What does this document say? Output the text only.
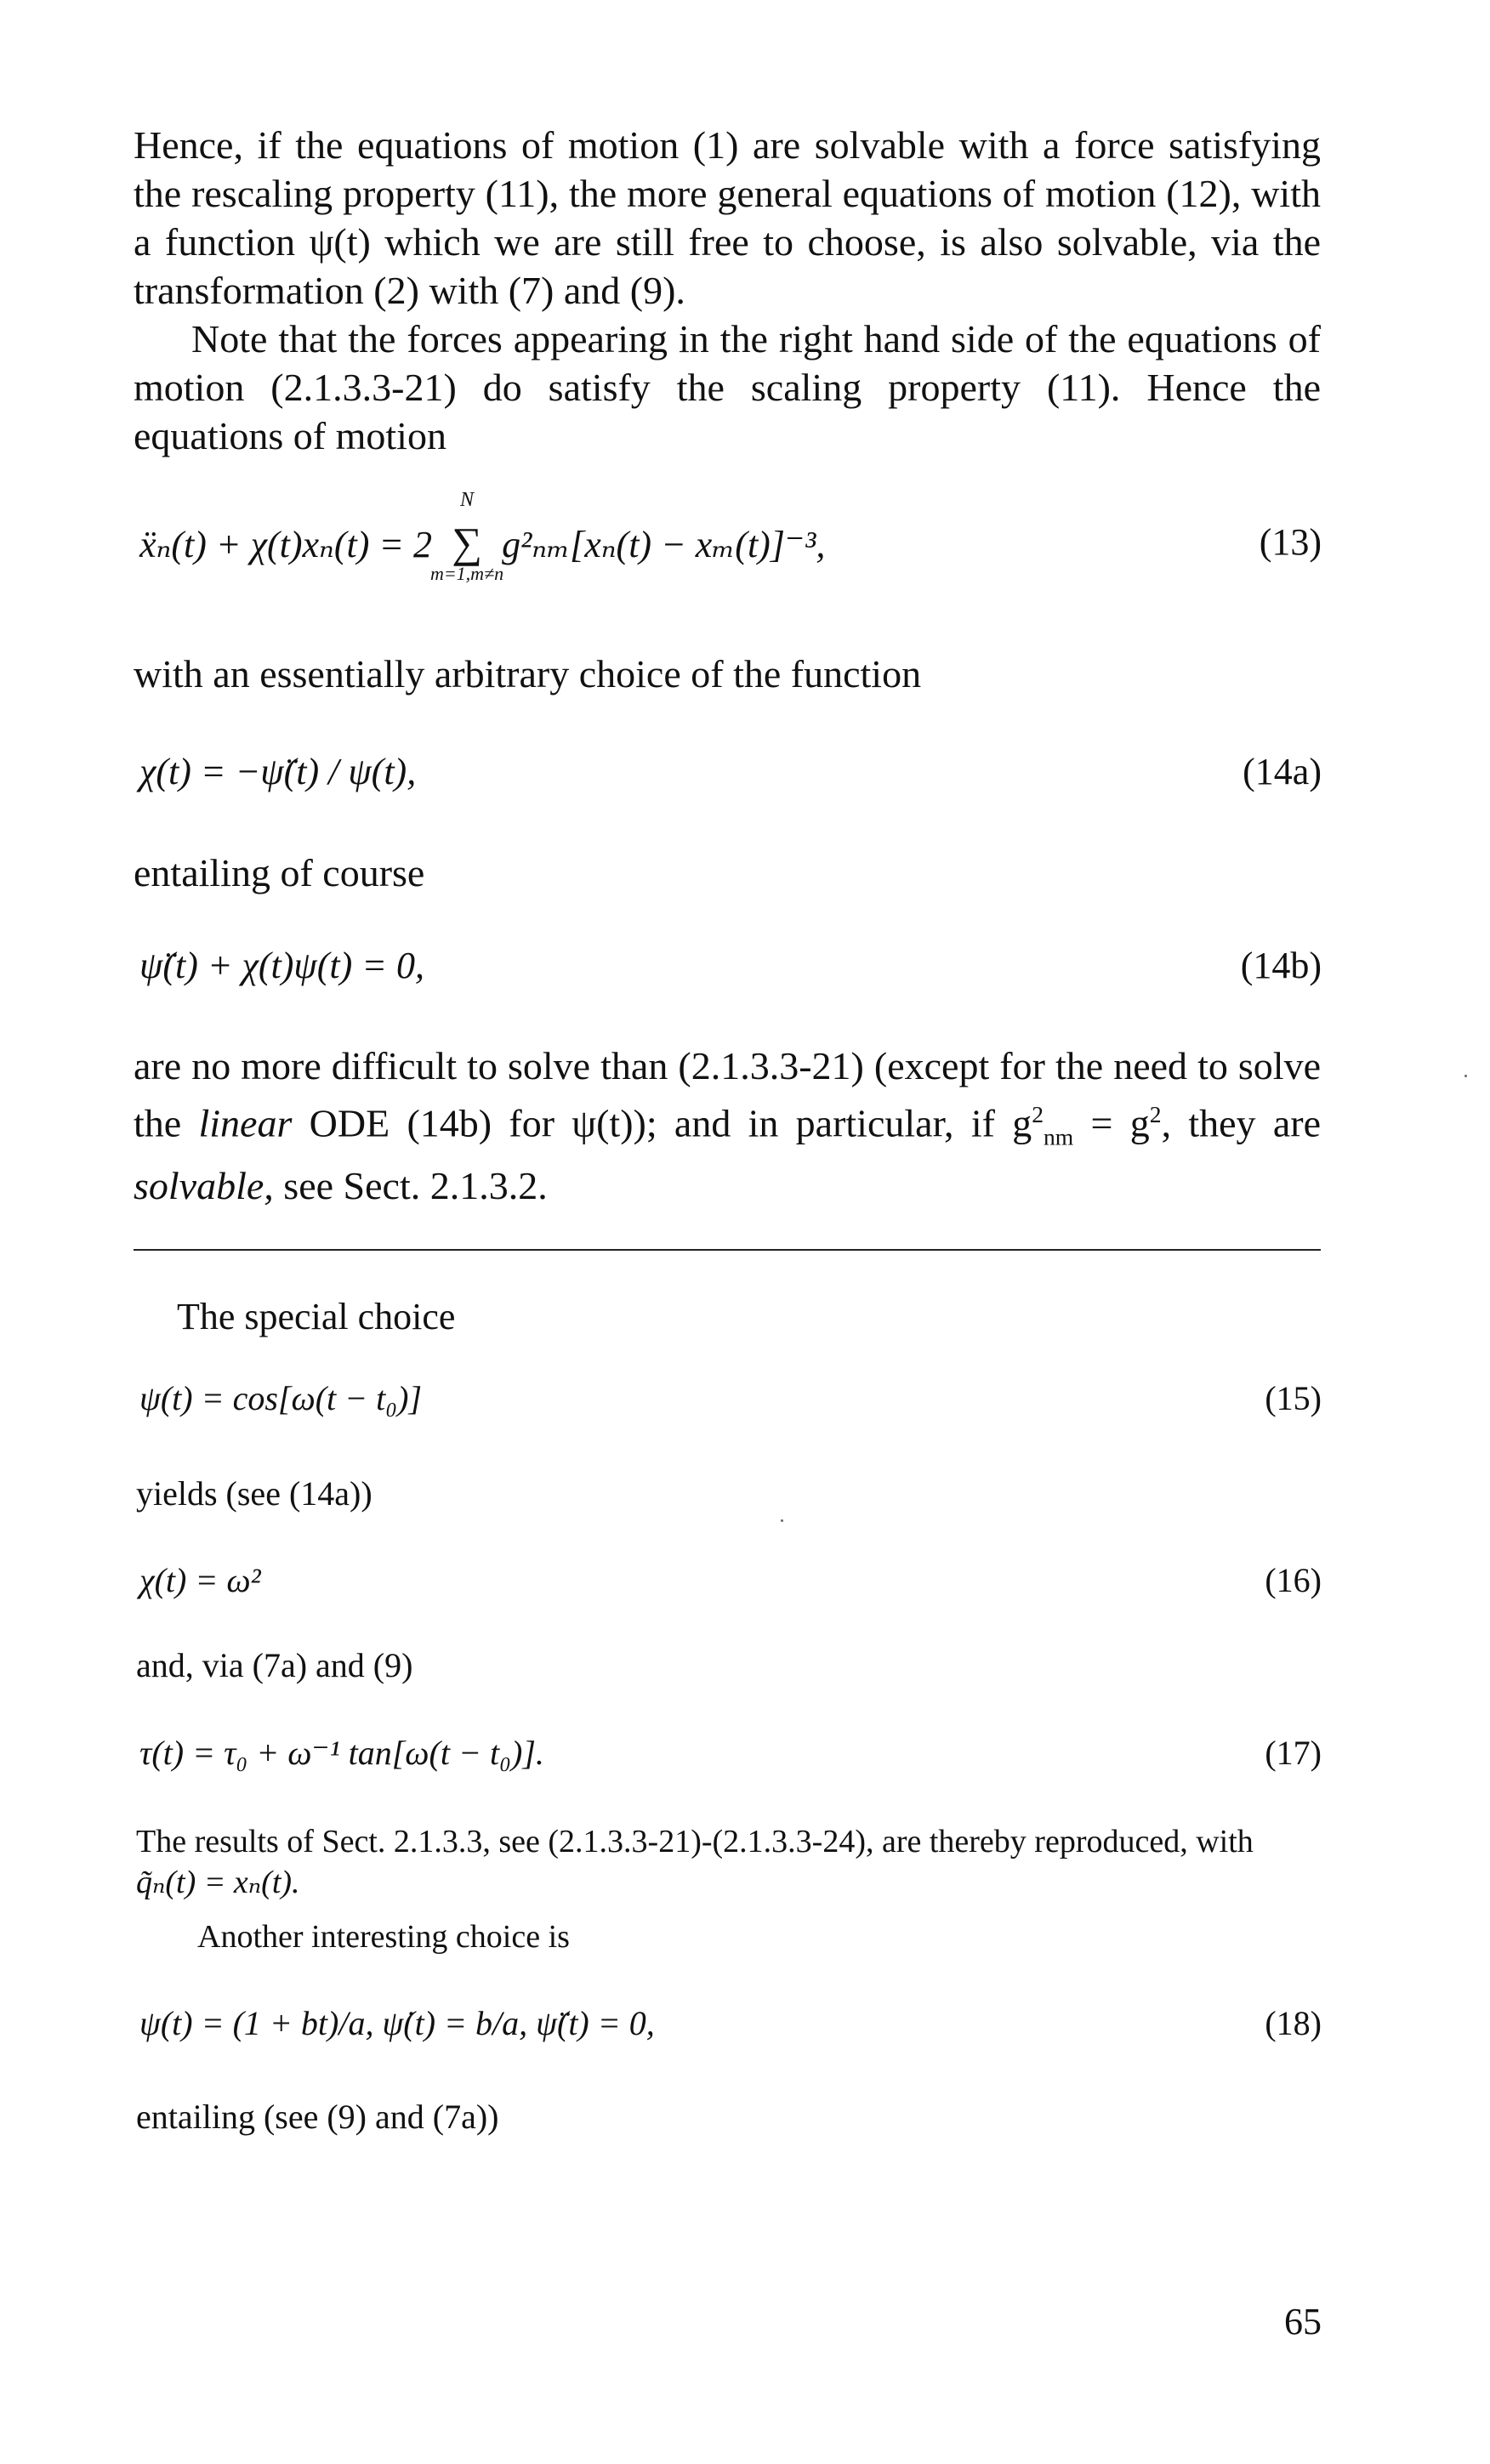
Hence, if the equations of motion (1) are solvable with a force satisfying the rescaling property (11), the more general equations of motion (12), with a function ψ(t) which we are still free to choose, is also solvable, via the transformation (2) with (7) and (9).

Note that the forces appearing in the right hand side of the equations of motion (2.1.3.3-21) do satisfy the scaling property (11). Hence the equations of motion

ẍₙ(t) + χ(t)xₙ(t) = 2
N
∑
m=1,m≠n
g²ₙₘ[xₙ(t) − xₘ(t)]⁻³,	(13)

with an essentially arbitrary choice of the function

χ(t) = −ψ̈(t) / ψ(t),	(14a)

entailing of course

ψ̈(t) + χ(t)ψ(t) = 0,	(14b)

are no more difficult to solve than (2.1.3.3-21) (except for the need to solve the linear ODE (14b) for ψ(t)); and in particular, if $g^2_{nm} = g^2$, they are solvable, see Sect. 2.1.3.2.

The special choice

ψ(t) = cos[ω(t − t₀)]	(15)

yields (see (14a))

χ(t) = ω²	(16)

and, via (7a) and (9)

τ(t) = τ₀ + ω⁻¹ tan[ω(t − t₀)].	(17)

The results of Sect. 2.1.3.3, see (2.1.3.3-21)-(2.1.3.3-24), are thereby reproduced, with

q̃ₙ(t) = xₙ(t).

Another interesting choice is

ψ(t) = (1 + bt)/a, ψ̇(t) = b/a, ψ̈(t) = 0,	(18)

entailing (see (9) and (7a))

65
